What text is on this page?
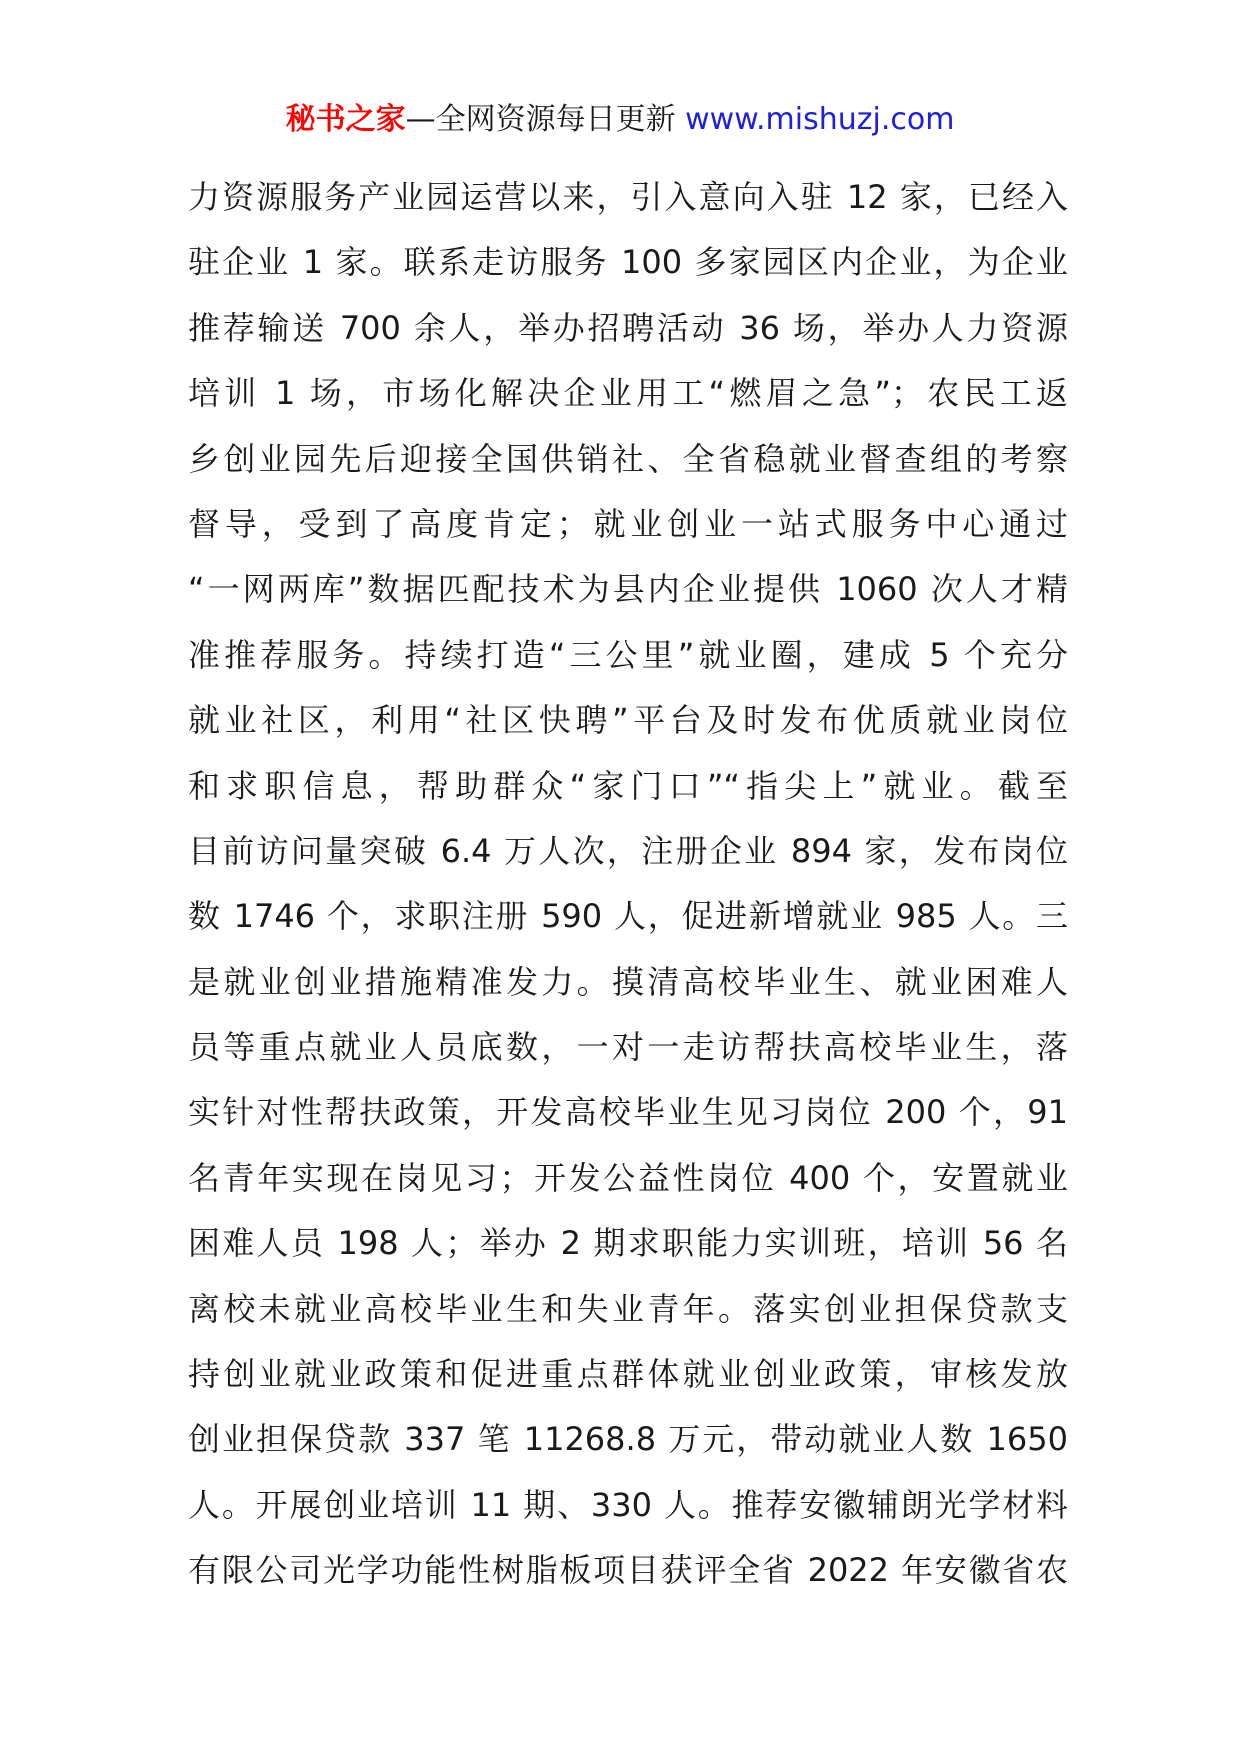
秘书之家—全网资源每日更新 www.mishuzj.com
力资源服务产业园运营以来，引入意向入驻 12 家，已经入
驻企业 1 家。联系走访服务 100 多家园区内企业，为企业
推荐输送 700 余人，举办招聘活动 36 场，举办人力资源
培训 1 场，市场化解决企业用工“燃眉之急”；农民工返
乡创业园先后迎接全国供销社、全省稳就业督查组的考察
督导，受到了高度肯定；就业创业一站式服务中心通过
“一网两库”数据匹配技术为县内企业提供 1060 次人才精
准推荐服务。持续打造“三公里”就业圈，建成 5 个充分
就业社区，利用“社区快聘”平台及时发布优质就业岗位
和求职信息，帮助群众“家门口”“指尖上”就业。截至
目前访问量突破 6.4 万人次，注册企业 894 家，发布岗位
数 1746 个，求职注册 590 人，促进新增就业 985 人。三
是就业创业措施精准发力。摸清高校毕业生、就业困难人
员等重点就业人员底数，一对一走访帮扶高校毕业生，落
实针对性帮扶政策，开发高校毕业生见习岗位 200 个，91
名青年实现在岗见习；开发公益性岗位 400 个，安置就业
困难人员 198 人；举办 2 期求职能力实训班，培训 56 名
离校未就业高校毕业生和失业青年。落实创业担保贷款支
持创业就业政策和促进重点群体就业创业政策，审核发放
创业担保贷款 337 笔 11268.8 万元，带动就业人数 1650
人。开展创业培训 11 期、330 人。推荐安徽辅朗光学材料
有限公司光学功能性树脂板项目获评全省 2022 年安徽省农
